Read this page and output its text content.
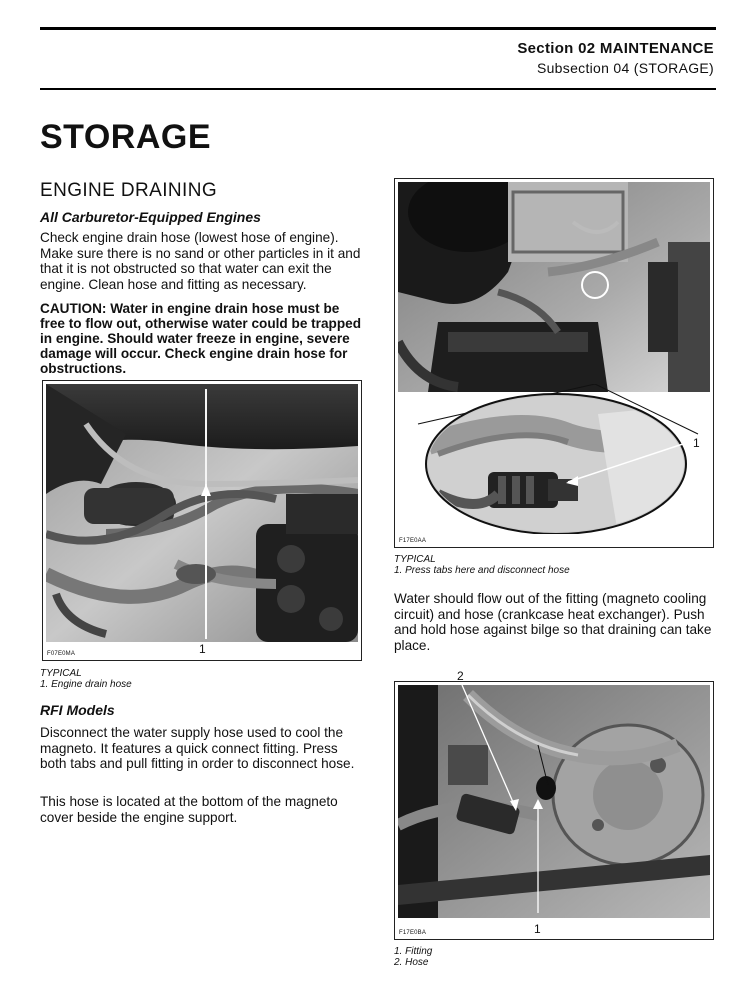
Section 02 MAINTENANCE
Subsection 04 (STORAGE)
STORAGE
ENGINE DRAINING
All Carburetor-Equipped Engines
Check engine drain hose (lowest hose of engine). Make sure there is no sand or other particles in it and that it is not obstructed so that water can exit the engine. Clean hose and fitting as necessary.
CAUTION: Water in engine drain hose must be free to flow out, otherwise water could be trapped in engine. Should water freeze in engine, severe damage will occur. Check engine drain hose for obstructions.
F07E0MA	1
TYPICAL
1. Engine drain hose
RFI Models
Disconnect the water supply hose used to cool the magneto. It features a quick connect fitting. Press both tabs and pull fitting in order to disconnect hose.
This hose is located at the bottom of the magneto cover beside the engine support.
1
F17E0AA
TYPICAL
1. Press tabs here and disconnect hose
Water should flow out of the fitting (magneto cooling circuit) and hose (crankcase heat exchanger). Push and hold hose against bilge so that draining can take place.
2
1
F17E0BA
1. Fitting
2. Hose
